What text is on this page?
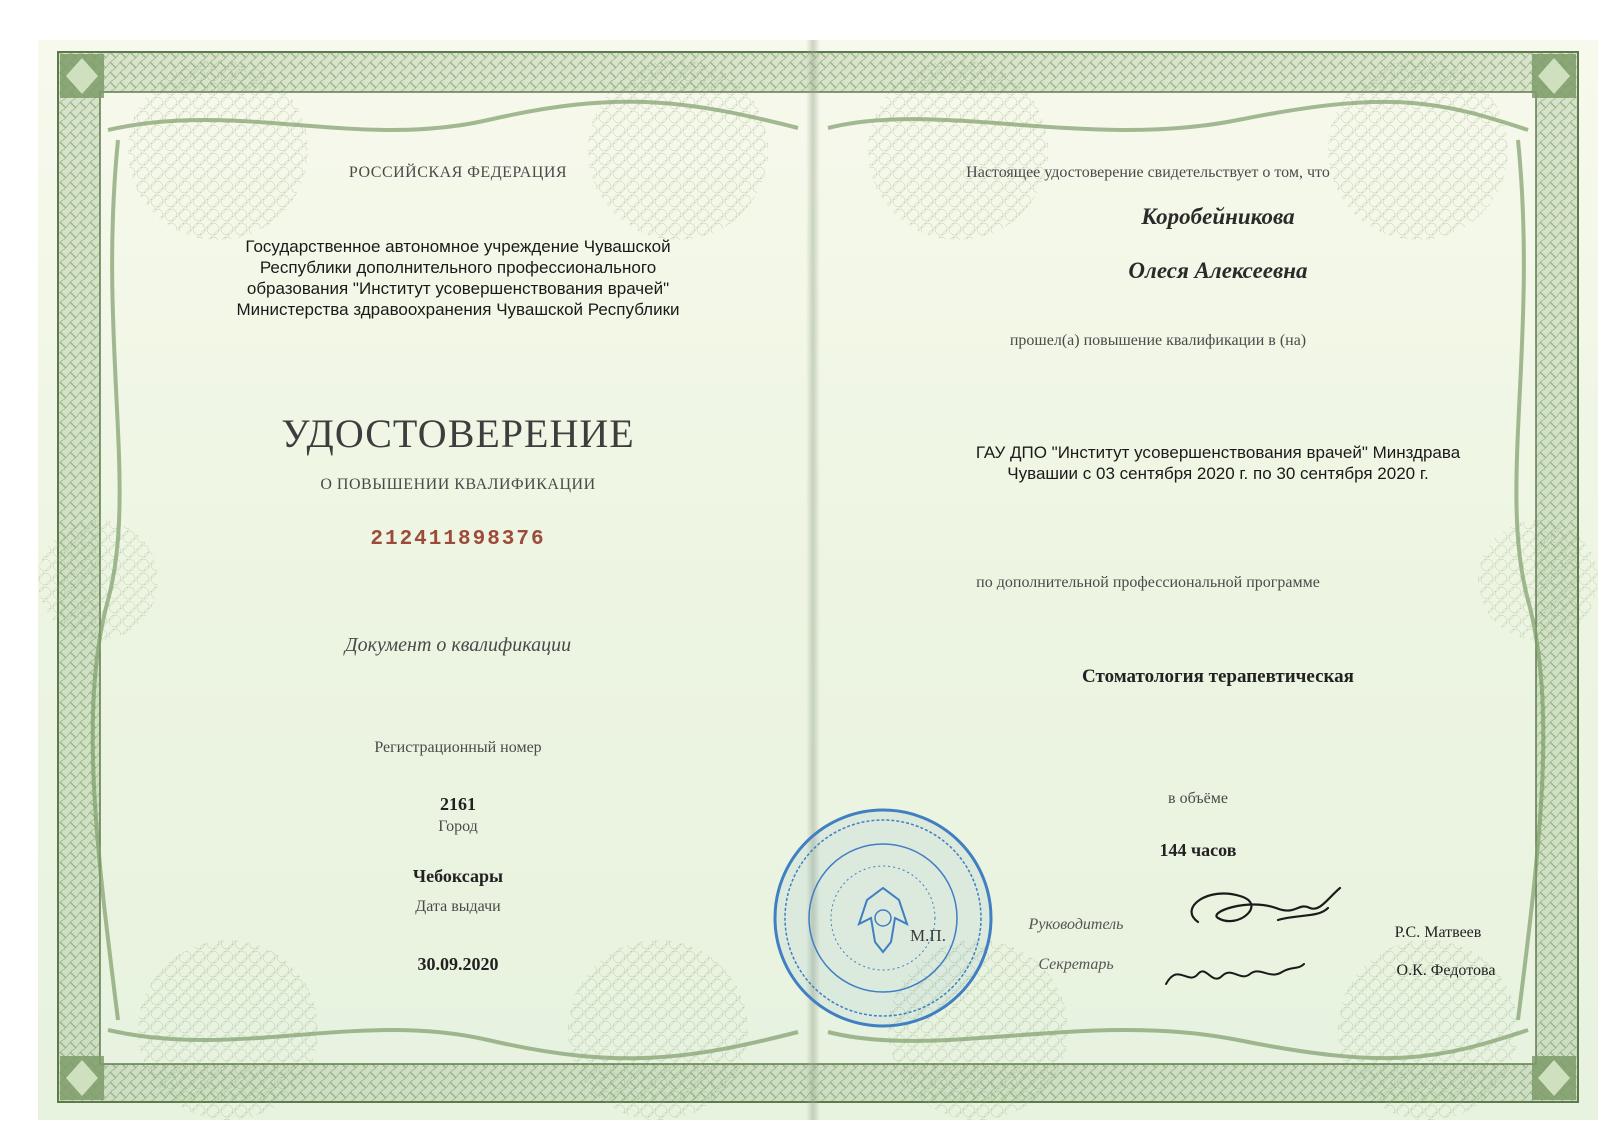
РОССИЙСКАЯ ФЕДЕРАЦИЯ
Государственное автономное учреждение Чувашской
Республики дополнительного профессионального
образования "Институт усовершенствования врачей"
Министерства здравоохранения Чувашской Республики
УДОСТОВЕРЕНИЕ
О ПОВЫШЕНИИ КВАЛИФИКАЦИИ
212411898376
Документ о квалификации
Регистрационный номер
2161
Город
Чебоксары
Дата выдачи
30.09.2020
Настоящее удостоверение свидетельствует о том, что
Коробейникова
Олеся Алексеевна
прошел(а) повышение квалификации в (на)
ГАУ ДПО "Институт усовершенствования врачей" Минздрава
Чувашии с 03 сентября 2020 г. по 30 сентября 2020 г.
по дополнительной профессиональной программе
Стоматология терапевтическая
в объёме
144 часов
М.П.
Руководитель
Секретарь
Р.С. Матвеев
О.К. Федотова
